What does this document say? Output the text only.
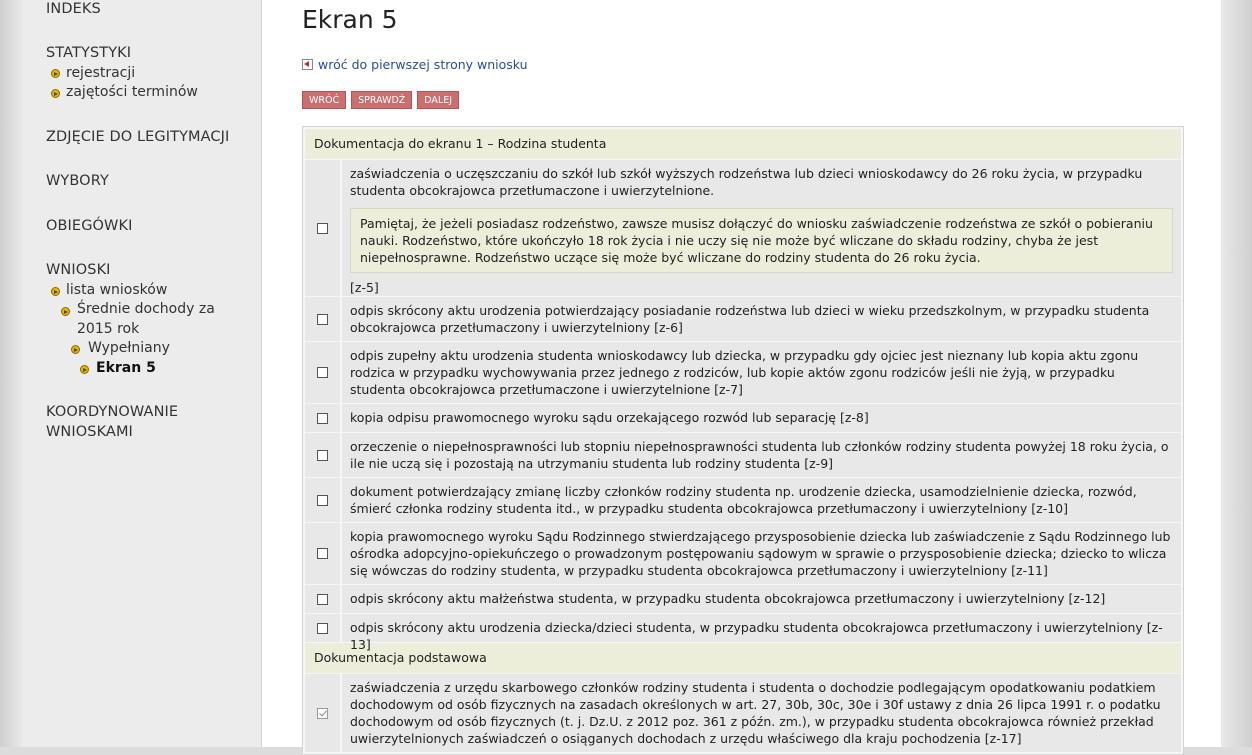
INDEKS
STATYSTYKI
rejestracji
zajętości terminów
ZDJĘCIE DO LEGITYMACJI
WYBORY
OBIEGÓWKI
WNIOSKI
lista wniosków
Średnie dochody za
2015 rok
Wypełniany
Ekran 5
KOORDYNOWANIE
WNIOSKAMI
Ekran 5
wróć do pierwszej strony wniosku
WRÓĆ	SPRAWDŹ	DALEJ
Dokumentacja do ekranu 1 – Rodzina studenta
zaświadczenia o uczęszczaniu do szkół lub szkół wyższych rodzeństwa lub dzieci wnioskodawcy do 26 roku życia, w przypadku studenta obcokrajowca przetłumaczone i uwierzytelnione.
Pamiętaj, że jeżeli posiadasz rodzeństwo, zawsze musisz dołączyć do wniosku zaświadczenie rodzeństwa ze szkół o pobieraniu nauki. Rodzeństwo, które ukończyło 18 rok życia i nie uczy się nie może być wliczane do składu rodziny, chyba że jest niepełnosprawne. Rodzeństwo uczące się może być wliczane do rodziny studenta do 26 roku życia.
[z-5]
odpis skrócony aktu urodzenia potwierdzający posiadanie rodzeństwa lub dzieci w wieku przedszkolnym, w przypadku studenta obcokrajowca przetłumaczony i uwierzytelniony [z-6]
odpis zupełny aktu urodzenia studenta wnioskodawcy lub dziecka, w przypadku gdy ojciec jest nieznany lub kopia aktu zgonu rodzica w przypadku wychowywania przez jednego z rodziców, lub kopie aktów zgonu rodziców jeśli nie żyją, w przypadku studenta obcokrajowca przetłumaczone i uwierzytelnione [z-7]
kopia odpisu prawomocnego wyroku sądu orzekającego rozwód lub separację [z-8]
orzeczenie o niepełnosprawności lub stopniu niepełnosprawności studenta lub członków rodziny studenta powyżej 18 roku życia, o ile nie uczą się i pozostają na utrzymaniu studenta lub rodziny studenta [z-9]
dokument potwierdzający zmianę liczby członków rodziny studenta np. urodzenie dziecka, usamodzielnienie dziecka, rozwód, śmierć członka rodziny studenta itd., w przypadku studenta obcokrajowca przetłumaczony i uwierzytelniony [z-10]
kopia prawomocnego wyroku Sądu Rodzinnego stwierdzającego przysposobienie dziecka lub zaświadczenie z Sądu Rodzinnego lub ośrodka adopcyjno-opiekuńczego o prowadzonym postępowaniu sądowym w sprawie o przysposobienie dziecka; dziecko to wlicza się wówczas do rodziny studenta, w przypadku studenta obcokrajowca przetłumaczony i uwierzytelniony [z-11]
odpis skrócony aktu małżeństwa studenta, w przypadku studenta obcokrajowca przetłumaczony i uwierzytelniony [z-12]
odpis skrócony aktu urodzenia dziecka/dzieci studenta, w przypadku studenta obcokrajowca przetłumaczony i uwierzytelniony [z-
Dokumentacja podstawowa
zaświadczenia z urzędu skarbowego członków rodziny studenta i studenta o dochodzie podlegającym opodatkowaniu podatkiem dochodowym od osób fizycznych na zasadach określonych w art. 27, 30b, 30c, 30e i 30f ustawy z dnia 26 lipca 1991 r. o podatku dochodowym od osób fizycznych (t. j. Dz.U. z 2012 poz. 361 z późn. zm.), w przypadku studenta obcokrajowca również przekład uwierzytelnionych zaświadczeń o osiąganych dochodach z urzędu właściwego dla kraju pochodzenia [z-17]
